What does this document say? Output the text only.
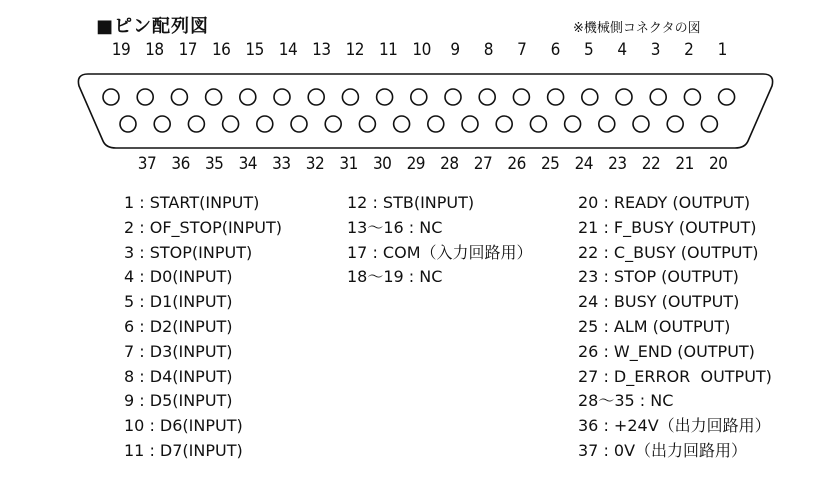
■ピン配列図	※機械側コネクタの図
19 18 17 16 15 14 13 12 11 10 9 8 7 6 5 4 3 2 1
37 36 35 34 33 32 31 30 29 28 27 26 25 24 23 22 21 20
1 : START(INPUT)
2 : OF_STOP(INPUT)
3 : STOP(INPUT)
4 : D0(INPUT)
5 : D1(INPUT)
6 : D2(INPUT)
7 : D3(INPUT)
8 : D4(INPUT)
9 : D5(INPUT)
10 : D6(INPUT)
11 : D7(INPUT)
12 : STB(INPUT)
13～16 : NC
17 : COM（入力回路用）
18～19 : NC
20 : READY (OUTPUT)
21 : F_BUSY (OUTPUT)
22 : C_BUSY (OUTPUT)
23 : STOP (OUTPUT)
24 : BUSY (OUTPUT)
25 : ALM (OUTPUT)
26 : W_END (OUTPUT)
27 : D_ERROR  OUTPUT)
28～35 : NC
36 : +24V（出力回路用）
37 : 0V（出力回路用）
